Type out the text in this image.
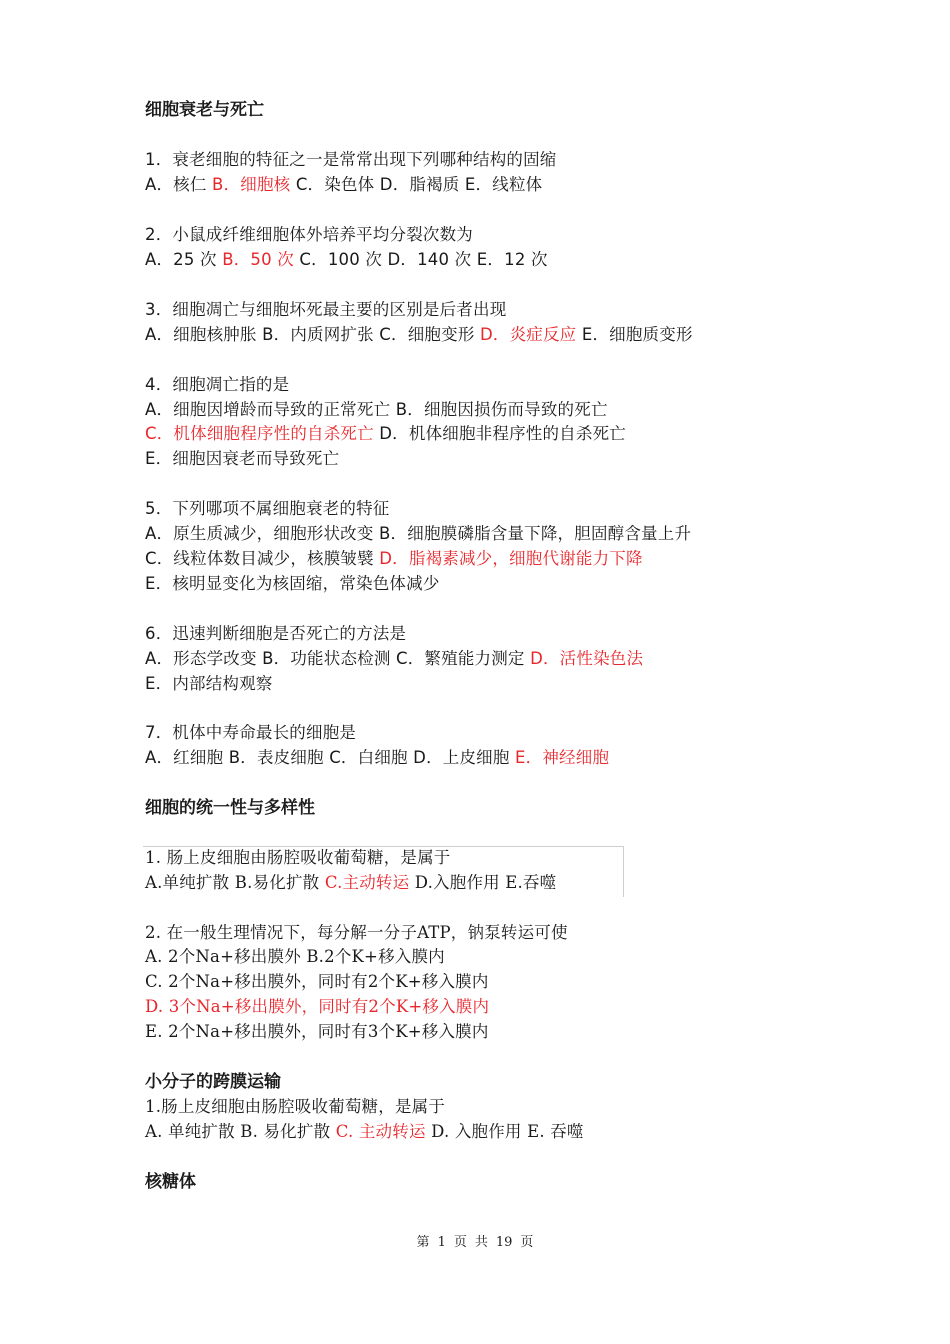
细胞衰老与死亡
1．衰老细胞的特征之一是常常出现下列哪种结构的固缩
A．核仁 B．细胞核 C．染色体 D．脂褐质 E．线粒体
2．小鼠成纤维细胞体外培养平均分裂次数为
A．25 次 B．50 次 C．100 次 D．140 次 E．12 次
3．细胞凋亡与细胞坏死最主要的区别是后者出现
A．细胞核肿胀 B．内质网扩张 C．细胞变形 D．炎症反应 E．细胞质变形
4．细胞凋亡指的是
A．细胞因增龄而导致的正常死亡 B．细胞因损伤而导致的死亡
C．机体细胞程序性的自杀死亡 D．机体细胞非程序性的自杀死亡
E．细胞因衰老而导致死亡
5．下列哪项不属细胞衰老的特征
A．原生质减少，细胞形状改变 B．细胞膜磷脂含量下降，胆固醇含量上升
C．线粒体数目减少，核膜皱襞 D．脂褐素减少，细胞代谢能力下降
E．核明显变化为核固缩，常染色体减少
6．迅速判断细胞是否死亡的方法是
A．形态学改变 B．功能状态检测 C．繁殖能力测定 D．活性染色法
E．内部结构观察
7．机体中寿命最长的细胞是
A．红细胞 B．表皮细胞 C．白细胞 D．上皮细胞 E．神经细胞
细胞的统一性与多样性
1. 肠上皮细胞由肠腔吸收葡萄糖，是属于
A.单纯扩散 B.易化扩散 C.主动转运 D.入胞作用 E.吞噬
2. 在一般生理情况下，每分解一分子ATP，钠泵转运可使
A. 2个Na+移出膜外 B.2个K+移入膜内
C. 2个Na+移出膜外，同时有2个K+移入膜内
D. 3个Na+移出膜外，同时有2个K+移入膜内
E. 2个Na+移出膜外，同时有3个K+移入膜内
小分子的跨膜运输
1.肠上皮细胞由肠腔吸收葡萄糖，是属于
A. 单纯扩散 B. 易化扩散 C. 主动转运 D. 入胞作用 E. 吞噬
核糖体
第 1 页 共 19 页
